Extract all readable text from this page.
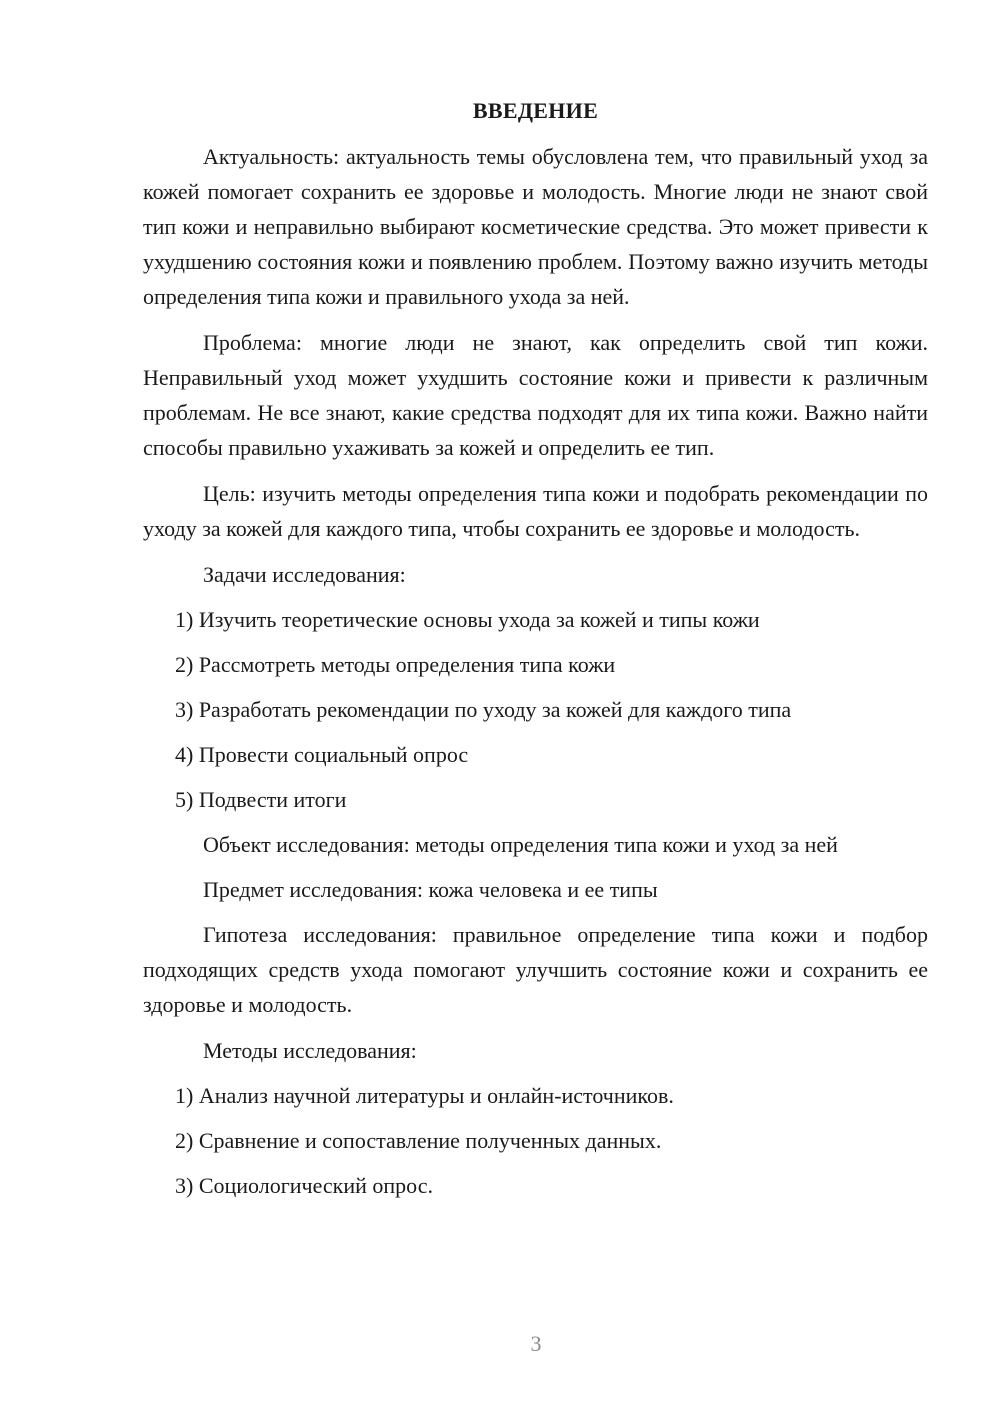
ВВЕДЕНИЕ

Актуальность: актуальность темы обусловлена тем, что правильный уход за кожей помогает сохранить ее здоровье и молодость. Многие люди не знают свой тип кожи и неправильно выбирают косметические средства. Это может привести к ухудшению состояния кожи и появлению проблем. Поэтому важно изучить методы определения типа кожи и правильного ухода за ней.

Проблема: многие люди не знают, как определить свой тип кожи. Неправильный уход может ухудшить состояние кожи и привести к различным проблемам. Не все знают, какие средства подходят для их типа кожи. Важно найти способы правильно ухаживать за кожей и определить ее тип.

Цель: изучить методы определения типа кожи и подобрать рекомендации по уходу за кожей для каждого типа, чтобы сохранить ее здоровье и молодость.

Задачи исследования:
1) Изучить теоретические основы ухода за кожей и типы кожи
2) Рассмотреть методы определения типа кожи
3) Разработать рекомендации по уходу за кожей для каждого типа
4) Провести социальный опрос
5) Подвести итоги
Объект исследования: методы определения типа кожи и уход за ней
Предмет исследования: кожа человека и ее типы

Гипотеза исследования: правильное определение типа кожи и подбор подходящих средств ухода помогают улучшить состояние кожи и сохранить ее здоровье и молодость.

Методы исследования:
1) Анализ научной литературы и онлайн-источников.
2) Сравнение и сопоставление полученных данных.
3) Социологический опрос.
3
